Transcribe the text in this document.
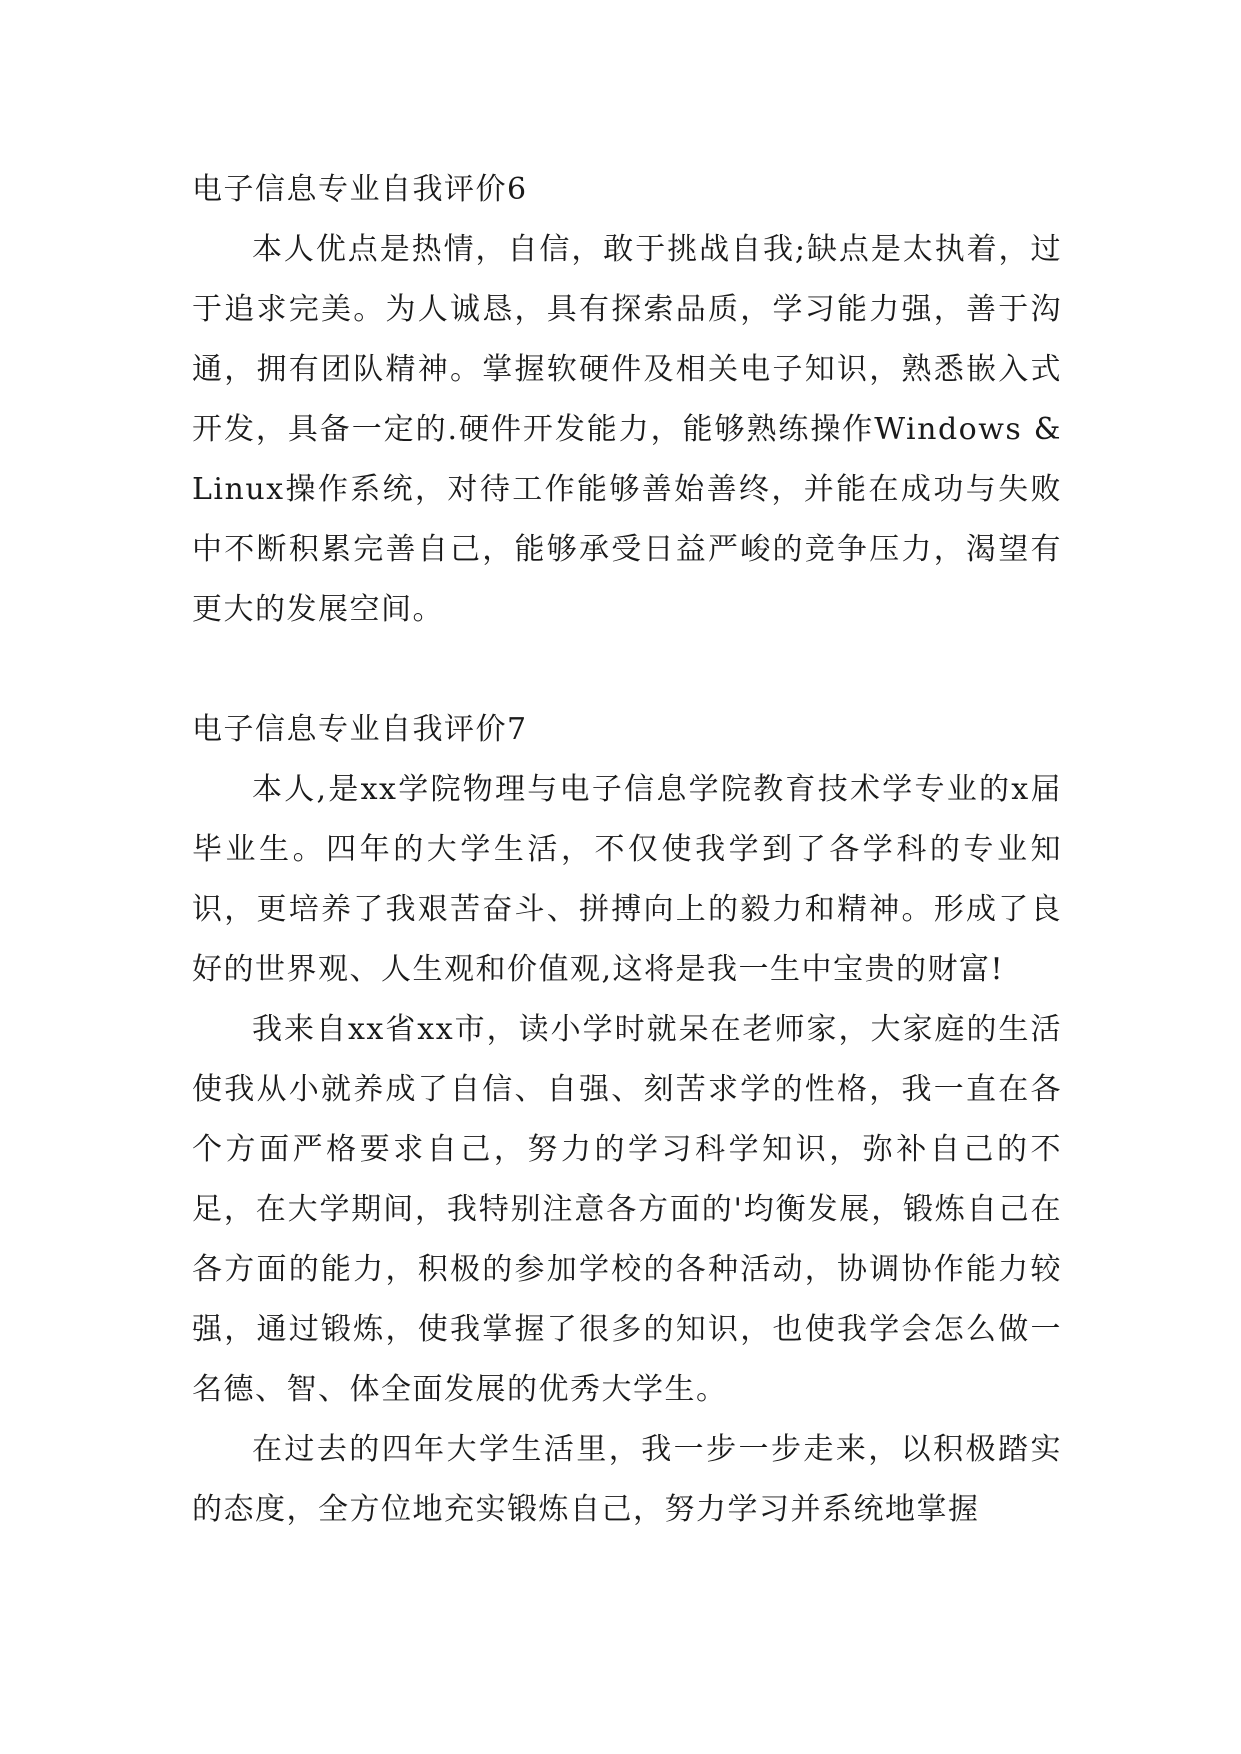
电子信息专业自我评价6

本人优点是热情，自信，敢于挑战自我;缺点是太执着，过于追求完美。为人诚恳，具有探索品质，学习能力强，善于沟通，拥有团队精神。掌握软硬件及相关电子知识，熟悉嵌入式开发，具备一定的.硬件开发能力，能够熟练操作Windows & Linux操作系统，对待工作能够善始善终，并能在成功与失败中不断积累完善自己，能够承受日益严峻的竞争压力，渴望有更大的发展空间。

电子信息专业自我评价7

本人,是xx学院物理与电子信息学院教育技术学专业的x届毕业生。四年的大学生活，不仅使我学到了各学科的专业知识，更培养了我艰苦奋斗、拼搏向上的毅力和精神。形成了良好的世界观、人生观和价值观,这将是我一生中宝贵的财富!

我来自xx省xx市，读小学时就呆在老师家，大家庭的生活使我从小就养成了自信、自强、刻苦求学的性格，我一直在各个方面严格要求自己，努力的学习科学知识，弥补自己的不足，在大学期间，我特别注意各方面的'均衡发展，锻炼自己在各方面的能力，积极的参加学校的各种活动，协调协作能力较强，通过锻炼，使我掌握了很多的知识，也使我学会怎么做一名德、智、体全面发展的优秀大学生。

在过去的四年大学生活里，我一步一步走来，以积极踏实的态度，全方位地充实锻炼自己，努力学习并系统地掌握
